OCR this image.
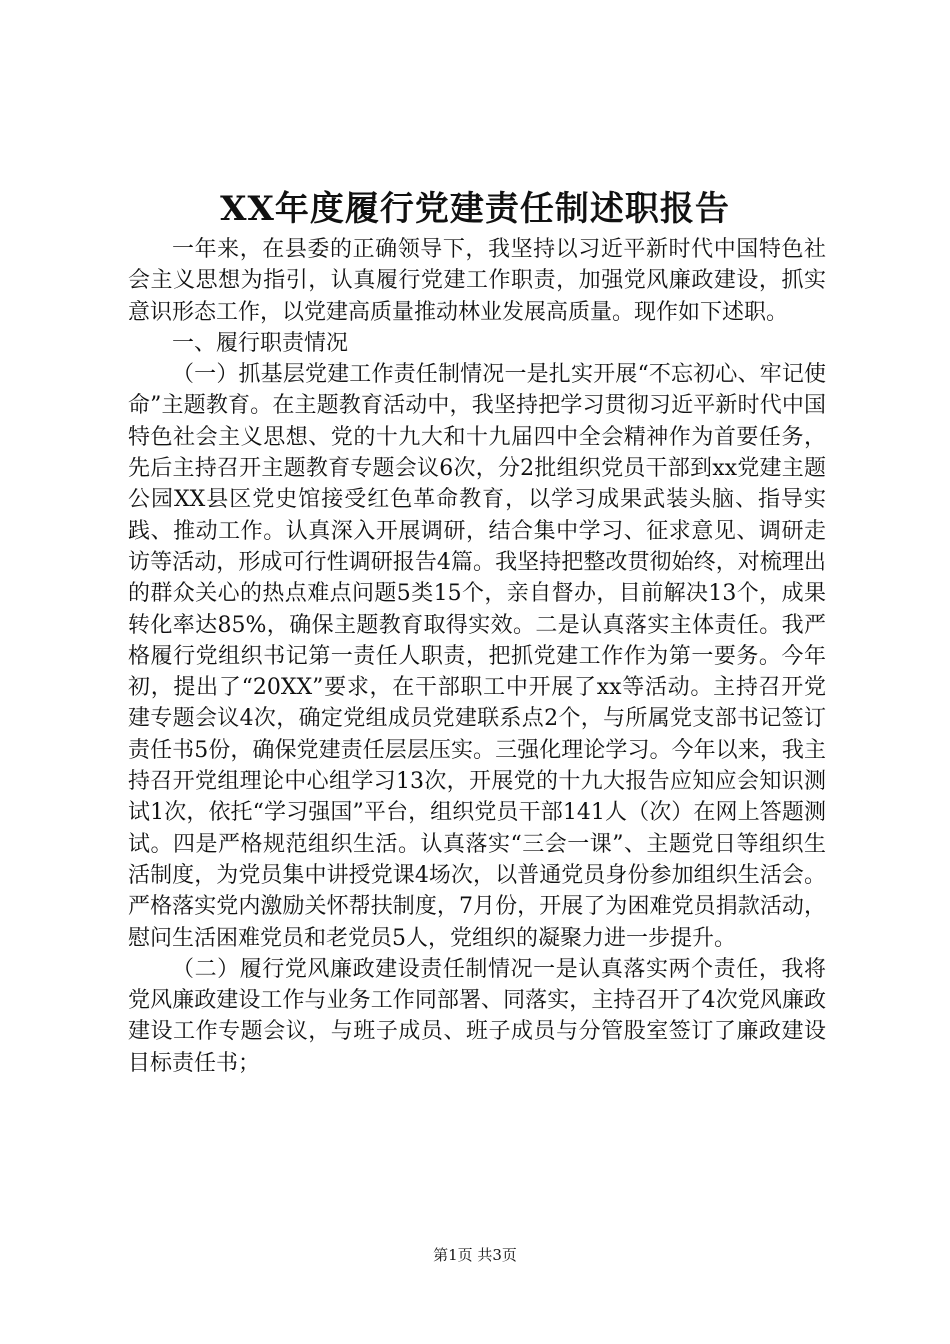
XX年度履行党建责任制述职报告

一年来，在县委的正确领导下，我坚持以习近平新时代中国特色社会主义思想为指引，认真履行党建工作职责，加强党风廉政建设，抓实意识形态工作，以党建高质量推动林业发展高质量。现作如下述职。

一、履行职责情况

（一）抓基层党建工作责任制情况一是扎实开展“不忘初心、牢记使命”主题教育。在主题教育活动中，我坚持把学习贯彻习近平新时代中国特色社会主义思想、党的十九大和十九届四中全会精神作为首要任务，先后主持召开主题教育专题会议6次，分2批组织党员干部到xx党建主题公园XX县区党史馆接受红色革命教育，以学习成果武装头脑、指导实践、推动工作。认真深入开展调研，结合集中学习、征求意见、调研走访等活动，形成可行性调研报告4篇。我坚持把整改贯彻始终，对梳理出的群众关心的热点难点问题5类15个，亲自督办，目前解决13个，成果转化率达85%，确保主题教育取得实效。二是认真落实主体责任。我严格履行党组织书记第一责任人职责，把抓党建工作作为第一要务。今年初，提出了“20XX”要求，在干部职工中开展了xx等活动。主持召开党建专题会议4次，确定党组成员党建联系点2个，与所属党支部书记签订责任书5份，确保党建责任层层压实。三强化理论学习。今年以来，我主持召开党组理论中心组学习13次，开展党的十九大报告应知应会知识测试1次，依托“学习强国”平台，组织党员干部141人（次）在网上答题测试。四是严格规范组织生活。认真落实“三会一课”、主题党日等组织生活制度，为党员集中讲授党课4场次，以普通党员身份参加组织生活会。严格落实党内激励关怀帮扶制度，7月份，开展了为困难党员捐款活动，慰问生活困难党员和老党员5人，党组织的凝聚力进一步提升。

（二）履行党风廉政建设责任制情况一是认真落实两个责任，我将党风廉政建设工作与业务工作同部署、同落实，主持召开了4次党风廉政建设工作专题会议，与班子成员、班子成员与分管股室签订了廉政建设目标责任书；

第1页 共3页
